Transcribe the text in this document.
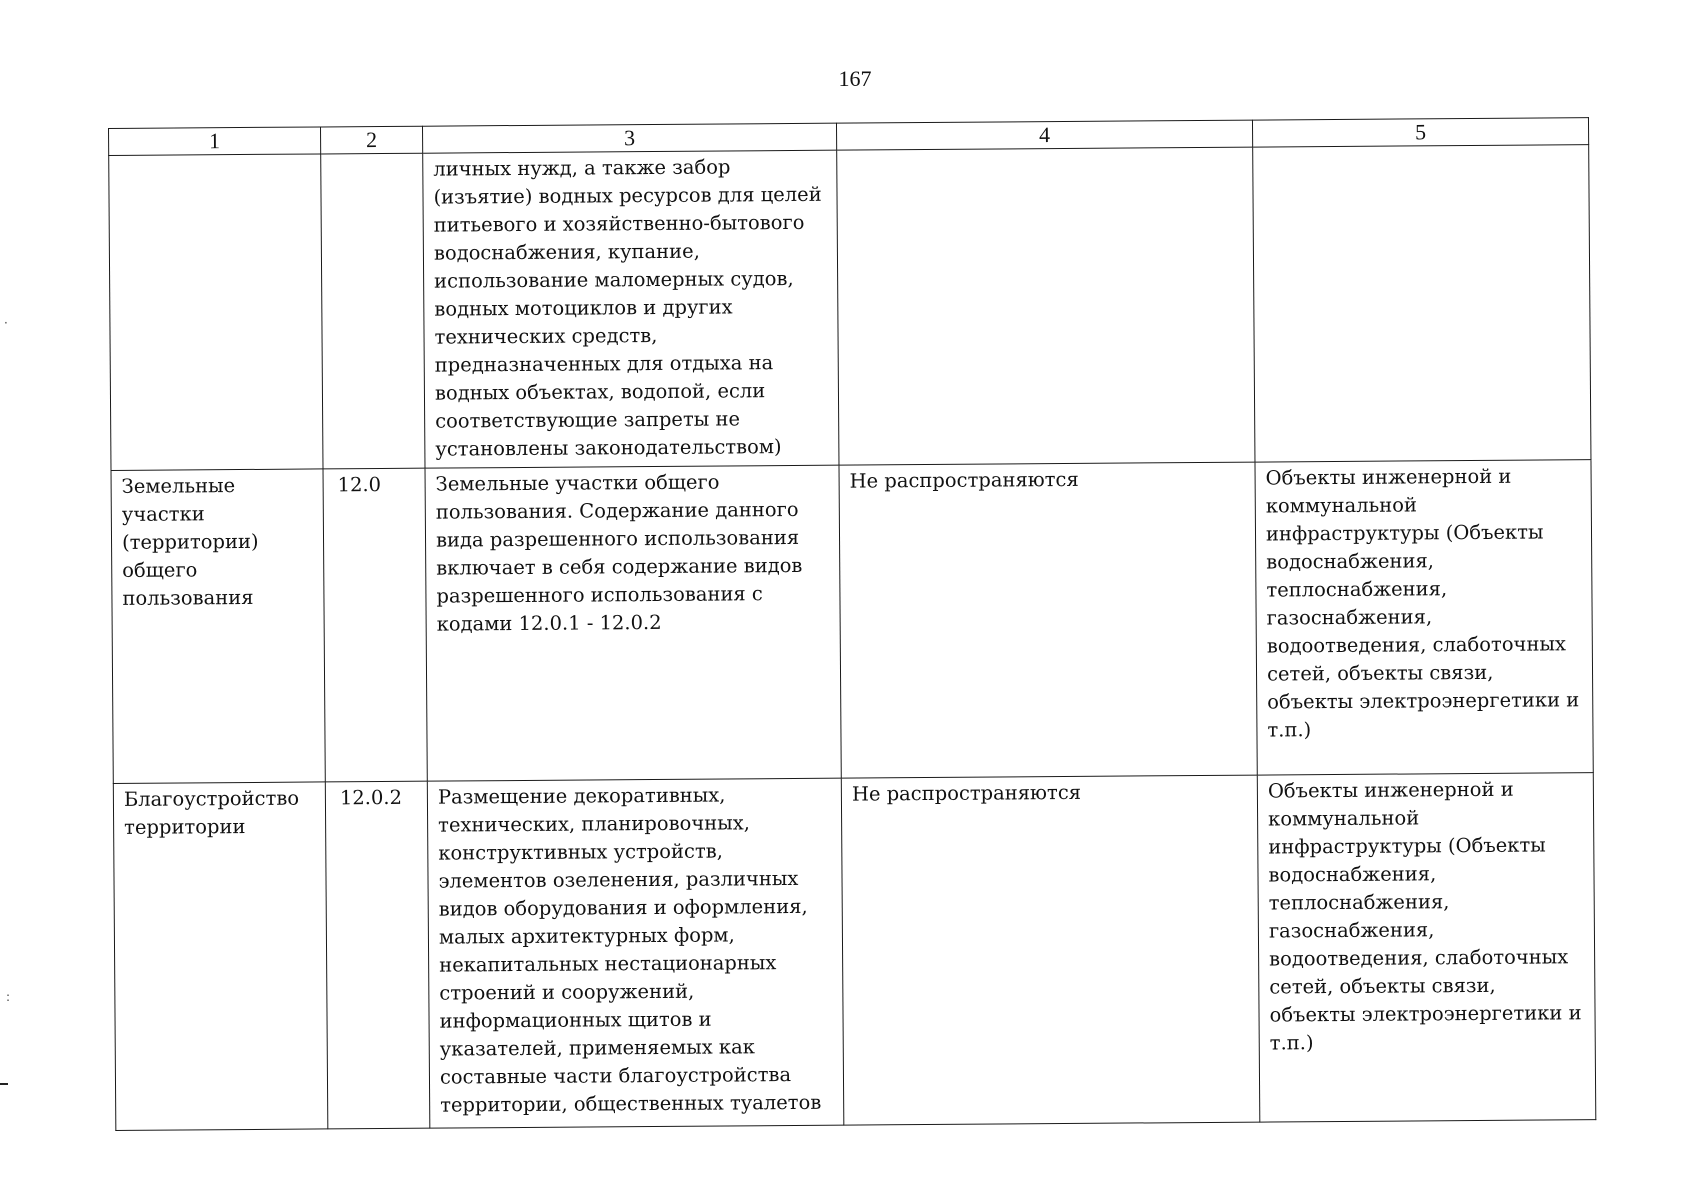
167
1	2	3	4	5
		личных нужд, а также забор (изъятие) водных ресурсов для целей питьевого и хозяйственно-бытового водоснабжения, купание, использование маломерных судов, водных мотоциклов и других технических средств, предназначенных для отдыха на водных объектах, водопой, если соответствующие запреты не установлены законодательством)		
Земельные участки (территории) общего пользования	12.0	Земельные участки общего пользования. Содержание данного вида разрешенного использования включает в себя содержание видов разрешенного использования с кодами 12.0.1 - 12.0.2	Не распространяются	Объекты инженерной и коммунальной инфраструктуры (Объекты водоснабжения, теплоснабжения, газоснабжения, водоотведения, слаботочных сетей, объекты связи, объекты электроэнергетики и т.п.)
Благоустройство территории	12.0.2	Размещение декоративных, технических, планировочных, конструктивных устройств, элементов озеленения, различных видов оборудования и оформления, малых архитектурных форм, некапитальных нестационарных строений и сооружений, информационных щитов и указателей, применяемых как составные части благоустройства территории, общественных туалетов	Не распространяются	Объекты инженерной и коммунальной инфраструктуры (Объекты водоснабжения, теплоснабжения, газоснабжения, водоотведения, слаботочных сетей, объекты связи, объекты электроэнергетики и т.п.)
·
:
